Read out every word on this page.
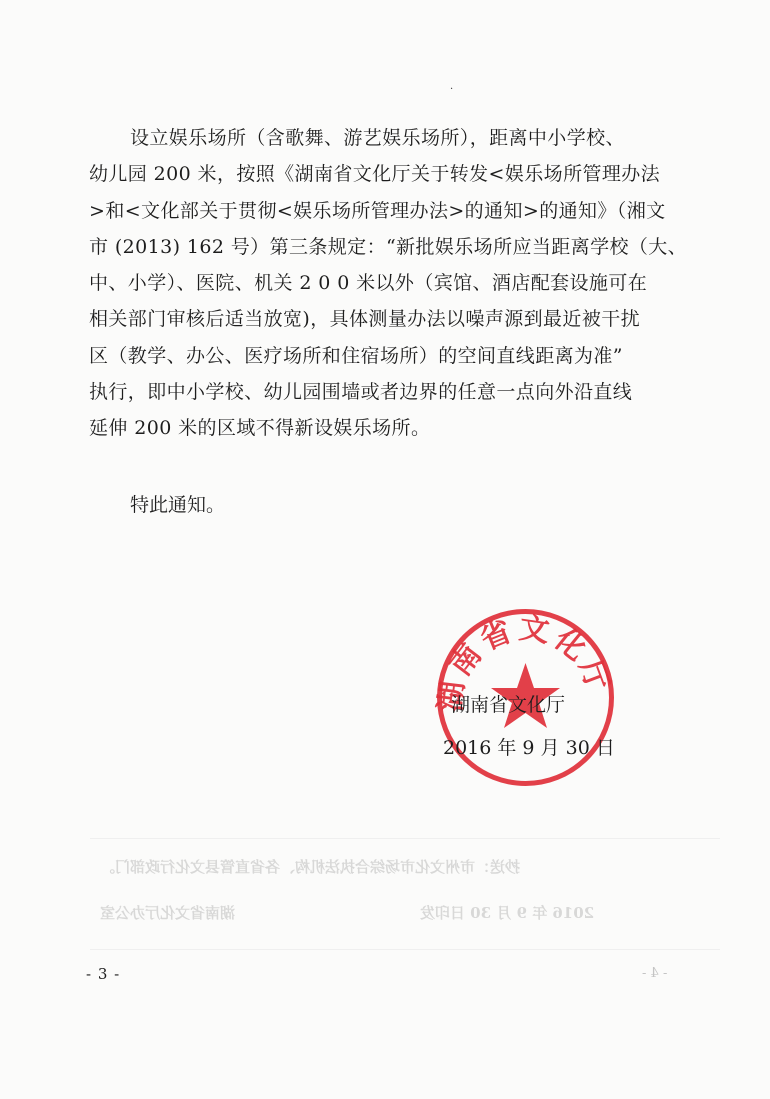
·
设立娱乐场所（含歌舞、游艺娱乐场所），距离中小学校、
幼儿园 200 米，按照《湖南省文化厅关于转发<娱乐场所管理办法
>和<文化部关于贯彻<娱乐场所管理办法>的通知>的通知》（湘文
市 (2013) 162 号）第三条规定：“新批娱乐场所应当距离学校（大、
中、小学）、医院、机关 2 0 0 米以外（宾馆、酒店配套设施可在
相关部门审核后适当放宽)，具体测量办法以噪声源到最近被干扰
区（教学、办公、医疗场所和住宿场所）的空间直线距离为准”
执行，即中小学校、幼儿园围墙或者边界的任意一点向外沿直线
延伸 200 米的区域不得新设娱乐场所。
特此通知。
湖南省文化厅
湖南省文化厅
2016 年 9 月 30 日
抄送：市州文化市场综合执法机构、各省直管县文化行政部门。
湖南省文化厅办公室	2016 年 9 月 30 日印发
- 3 -	- 4 -
